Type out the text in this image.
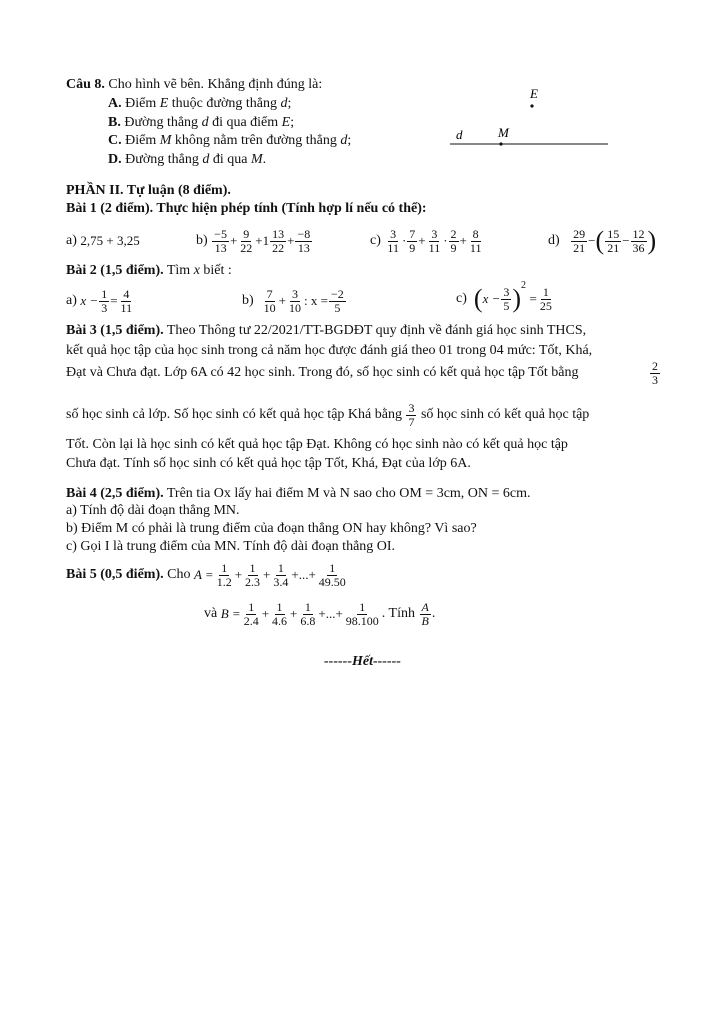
Câu 8. Cho hình vẽ bên. Khẳng định đúng là:
A. Điểm E thuộc đường thẳng d;
B. Đường thẳng d đi qua điểm E;
C. Điểm M không nằm trên đường thẳng d;
D. Đường thẳng d đi qua M.
E
d	M
PHẦN II. Tự luận (8 điểm).
Bài 1 (2 điểm). Thực hiện phép tính (Tính hợp lí nếu có thể):
a)
2,75 + 3,25	b)
$\frac{-5}{13} + \frac{9}{22} +1 \frac{13}{22} + \frac{-8}{13}$	c)
$\frac{3}{11} \cdot \frac{7}{9} + \frac{3}{11} \cdot \frac{2}{9} + \frac{8}{11}$	d)
$\frac{29}{21}$ − ( $\frac{15}{21} - \frac{12}{36}$ )
Bài 2 (1,5 điểm). Tìm x biết :
a)
$x - \frac{1}{3} = \frac{4}{11}$	b)
$\frac{7}{10} + \frac{3}{10}$ : $x = \frac{-2}{5}$	c)
( $x - \frac{3}{5}$ ) 2

= $\frac{1}{25}$
Bài 3 (1,5 điểm). Theo Thông tư 22/2021/TT-BGDĐT quy định về đánh giá học sinh THCS,
kết quả học tập của học sinh trong cả năm học được đánh giá theo 01 trong 04 mức: Tốt, Khá,
Đạt và Chưa đạt. Lớp 6A có 42 học sinh. Trong đó, số học sinh có kết quả học tập Tốt bằng	$\frac{2}{3}$
số học sinh cả lớp. Số học sinh có kết quả học tập Khá bằng
$\frac{3}{7}$
số học sinh có kết quả học tập
Tốt. Còn lại là học sinh có kết quả học tập Đạt. Không có học sinh nào có kết quả học tập
Chưa đạt. Tính số học sinh có kết quả học tập Tốt, Khá, Đạt của lớp 6A.
Bài 4 (2,5 điểm). Trên tia Ox lấy hai điểm M và N sao cho OM = 3cm, ON = 6cm.
a) Tính độ dài đoạn thẳng MN.
b) Điểm M có phải là trung điểm của đoạn thẳng ON hay không? Vì sao?
c) Gọi I là trung điểm của MN. Tính độ dài đoạn thẳng OI.
Bài 5 (0,5 điểm).
Cho
$A = \frac{1}{1.2} + \frac{1}{2.3} + \frac{1}{3.4}$ +...+ $\frac{1}{49.50}$
và
$B = \frac{1}{2.4} + \frac{1}{4.6} + \frac{1}{6.8}$ +...+ $\frac{1}{98.100}$ . Tính
$\frac{A}{B}$ .
------Hết------
